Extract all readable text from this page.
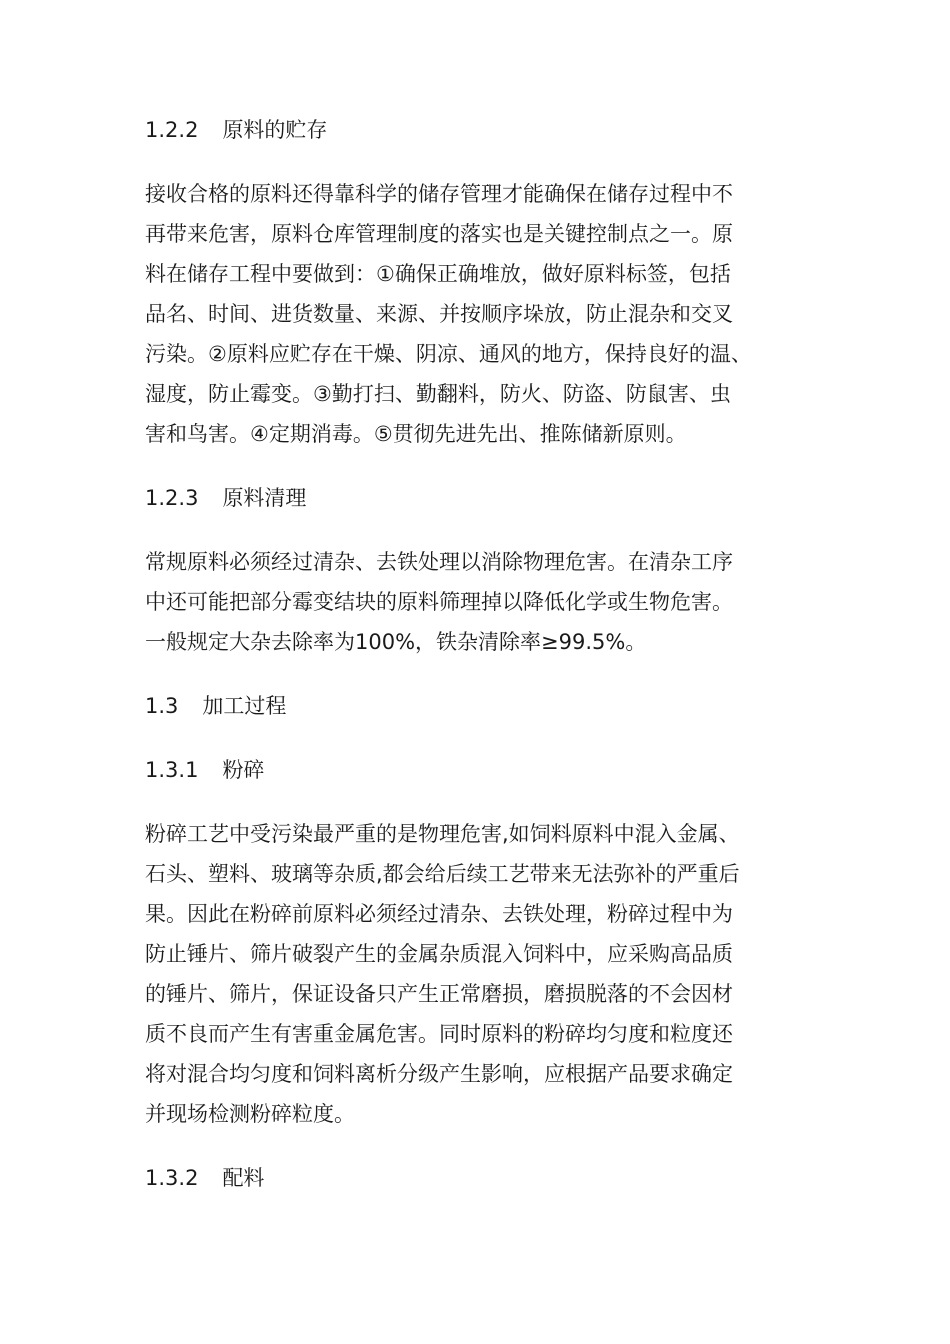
1.2.2 原料的贮存

接收合格的原料还得靠科学的储存管理才能确保在储存过程中不
再带来危害，原料仓库管理制度的落实也是关键控制点之一。原
料在储存工程中要做到：①确保正确堆放，做好原料标签，包括
品名、时间、进货数量、来源、并按顺序垛放，防止混杂和交叉
污染。②原料应贮存在干燥、阴凉、通风的地方，保持良好的温、
湿度，防止霉变。③勤打扫、勤翻料，防火、防盗、防鼠害、虫
害和鸟害。④定期消毒。⑤贯彻先进先出、推陈储新原则。

1.2.3 原料清理

常规原料必须经过清杂、去铁处理以消除物理危害。在清杂工序
中还可能把部分霉变结块的原料筛理掉以降低化学或生物危害。
一般规定大杂去除率为100%，铁杂清除率≥99.5%。

1.3 加工过程
1.3.1 粉碎

粉碎工艺中受污染最严重的是物理危害,如饲料原料中混入金属、
石头、塑料、玻璃等杂质,都会给后续工艺带来无法弥补的严重后
果。因此在粉碎前原料必须经过清杂、去铁处理，粉碎过程中为
防止锤片、筛片破裂产生的金属杂质混入饲料中，应采购高品质
的锤片、筛片，保证设备只产生正常磨损，磨损脱落的不会因材
质不良而产生有害重金属危害。同时原料的粉碎均匀度和粒度还
将对混合均匀度和饲料离析分级产生影响，应根据产品要求确定
并现场检测粉碎粒度。

1.3.2 配料
